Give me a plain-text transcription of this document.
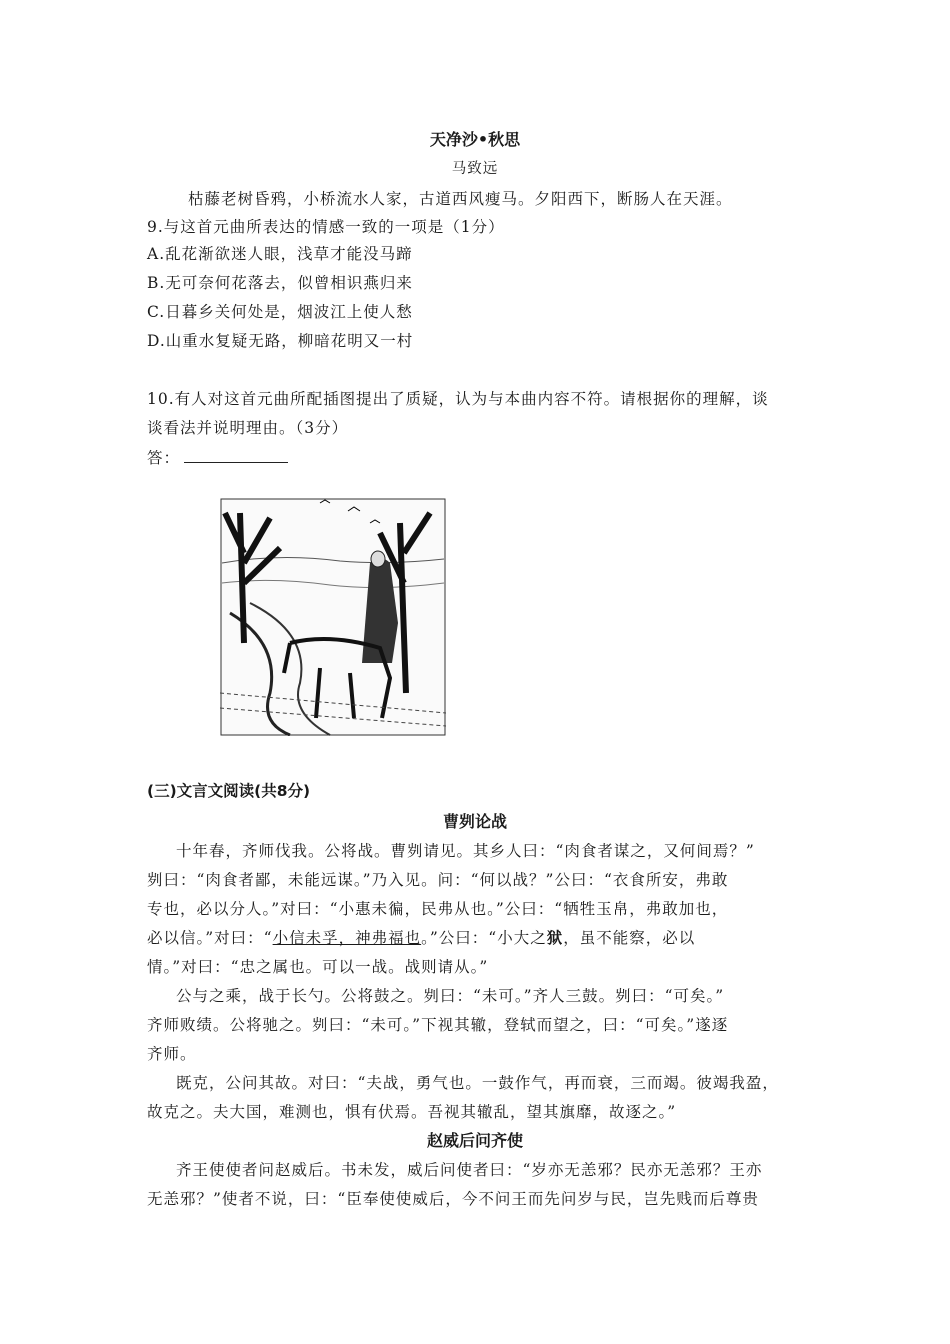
天净沙•秋思
马致远
枯藤老树昏鸦，小桥流水人家，古道西风瘦马。夕阳西下，断肠人在天涯。
9.与这首元曲所表达的情感一致的一项是（1分）
A.乱花渐欲迷人眼，浅草才能没马蹄
B.无可奈何花落去，似曾相识燕归来
C.日暮乡关何处是，烟波江上使人愁
D.山重水复疑无路，柳暗花明又一村
10.有人对这首元曲所配插图提出了质疑，认为与本曲内容不符。请根据你的理解，谈
谈看法并说明理由。（3分）
答：
(三)文言文阅读(共8分)
曹刿论战
十年春，齐师伐我。公将战。曹刿请见。其乡人曰：“肉食者谋之，又何间焉？”
刿曰：“肉食者鄙，未能远谋。”乃入见。问：“何以战？”公曰：“衣食所安，弗敢
专也，必以分人。”对曰：“小惠未徧，民弗从也。”公曰：“牺牲玉帛，弗敢加也，
必以信。”对曰：“小信未孚，神弗福也。”公曰：“小大之狱，虽不能察，必以
情。”对曰：“忠之属也。可以一战。战则请从。”
公与之乘，战于长勺。公将鼓之。刿曰：“未可。”齐人三鼓。刿曰：“可矣。”
齐师败绩。公将驰之。刿曰：“未可。”下视其辙，登轼而望之，曰：“可矣。”遂逐
齐师。
既克，公问其故。对曰：“夫战，勇气也。一鼓作气，再而衰，三而竭。彼竭我盈，
故克之。夫大国，难测也，惧有伏焉。吾视其辙乱，望其旗靡，故逐之。”
赵威后问齐使
齐王使使者问赵威后。书未发，威后问使者曰：“岁亦无恙邪？民亦无恙邪？王亦
无恙邪？”使者不说，曰：“臣奉使使威后，今不问王而先问岁与民，岂先贱而后尊贵
